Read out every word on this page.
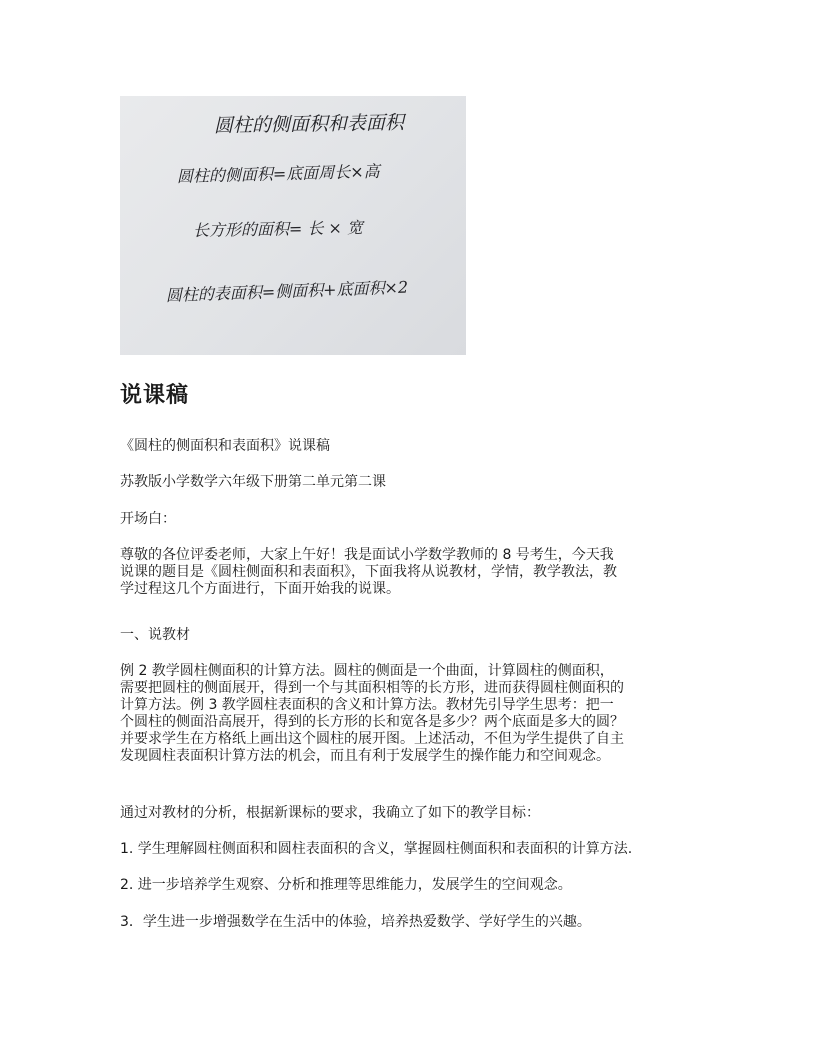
圆柱的侧面积和表面积
圆柱的侧面积=底面周长×高
长方形的面积= 长 × 宽
圆柱的表面积=侧面积+底面积×2
说课稿
《圆柱的侧面积和表面积》说课稿
苏教版小学数学六年级下册第二单元第二课
开场白：
尊敬的各位评委老师，大家上午好！我是面试小学数学教师的 8 号考生，今天我
说课的题目是《圆柱侧面积和表面积》，下面我将从说教材，学情，教学教法，教
学过程这几个方面进行，下面开始我的说课。
一、说教材
例 2 教学圆柱侧面积的计算方法。圆柱的侧面是一个曲面，计算圆柱的侧面积，
需要把圆柱的侧面展开，得到一个与其面积相等的长方形，进而获得圆柱侧面积的
计算方法。例 3 教学圆柱表面积的含义和计算方法。教材先引导学生思考：把一
个圆柱的侧面沿高展开，得到的长方形的长和宽各是多少？两个底面是多大的圆？
并要求学生在方格纸上画出这个圆柱的展开图。上述活动，不但为学生提供了自主
发现圆柱表面积计算方法的机会，而且有利于发展学生的操作能力和空间观念。
通过对教材的分析，根据新课标的要求，我确立了如下的教学目标：
1. 学生理解圆柱侧面积和圆柱表面积的含义，掌握圆柱侧面积和表面积的计算方法.
2. 进一步培养学生观察、分析和推理等思维能力，发展学生的空间观念。
3．学生进一步增强数学在生活中的体验，培养热爱数学、学好学生的兴趣。
